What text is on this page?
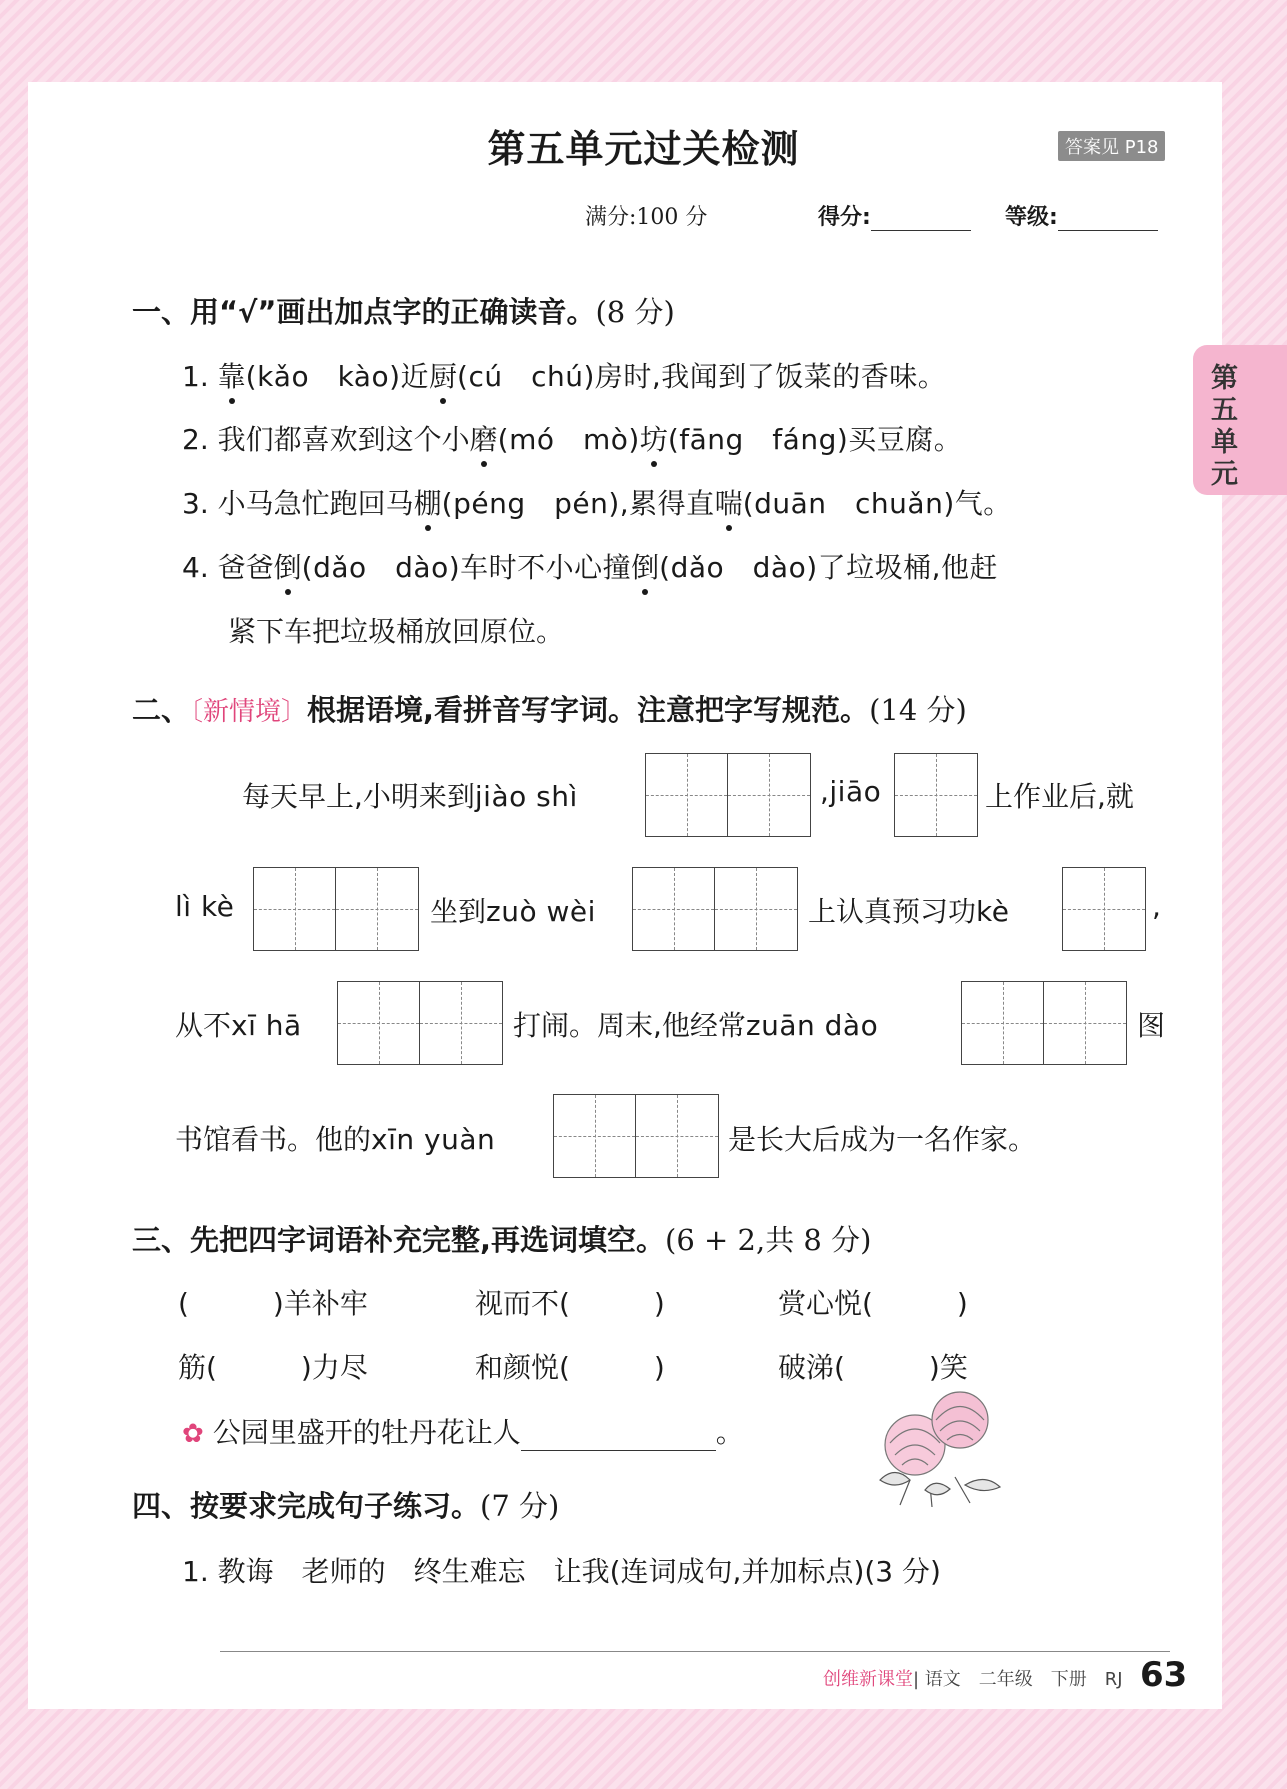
第五单元过关检测	答案见 P18
满分:100 分	得分:	等级:
第五单元
一、用“√”画出加点字的正确读音。(8 分)
1. 靠(kǎo　kào)近厨(cú　chú)房时,我闻到了饭菜的香味。
2. 我们都喜欢到这个小磨(mó　mò)坊(fāng　fáng)买豆腐。
3. 小马急忙跑回马棚(péng　pén),累得直喘(duān　chuǎn)气。
4. 爸爸倒(dǎo　dào)车时不小心撞倒(dǎo　dào)了垃圾桶,他赶
紧下车把垃圾桶放回原位。
二、〔新情境〕根据语境,看拼音写字词。注意把字写规范。(14 分)
每天早上,小明来到jiào shì	,jiāo	上作业后,就
lì kè	坐到zuò wèi	上认真预习功kè	,
从不xī hā	打闹。周末,他经常zuān dào	图
书馆看书。他的xīn yuàn	是长大后成为一名作家。
三、先把四字词语补充完整,再选词填空。(6 + 2,共 8 分)
(　　　)羊补牢	视而不(　　　)	赏心悦(　　　)
筋(　　　)力尽	和颜悦(　　　)	破涕(　　　)笑
✿ 公园里盛开的牡丹花让人	。
四、按要求完成句子练习。(7 分)
1. 教诲　老师的　终生难忘　让我(连词成句,并加标点)(3 分)
创维新课堂| 语文　二年级　下册　RJ 63
